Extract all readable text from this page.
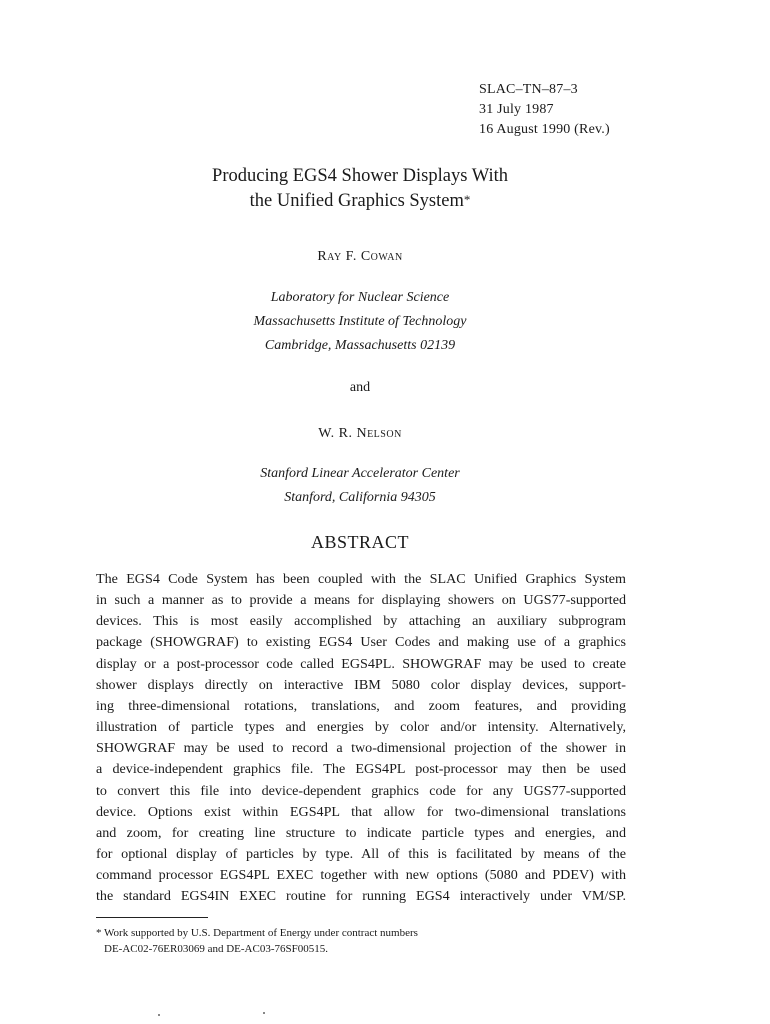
SLAC–TN–87–3
31 July 1987
16 August 1990 (Rev.)
Producing EGS4 Shower Displays With
the Unified Graphics System*
Ray F. Cowan
Laboratory for Nuclear Science
Massachusetts Institute of Technology
Cambridge, Massachusetts 02139
and
W. R. Nelson
Stanford Linear Accelerator Center
Stanford, California 94305
ABSTRACT
The EGS4 Code System has been coupled with the SLAC Unified Graphics System
in such a manner as to provide a means for displaying showers on UGS77-supported
devices. This is most easily accomplished by attaching an auxiliary subprogram
package (SHOWGRAF) to existing EGS4 User Codes and making use of a graphics
display or a post-processor code called EGS4PL. SHOWGRAF may be used to create
shower displays directly on interactive IBM 5080 color display devices, support-
ing three-dimensional rotations, translations, and zoom features, and providing
illustration of particle types and energies by color and/or intensity. Alternatively,
SHOWGRAF may be used to record a two-dimensional projection of the shower in
a device-independent graphics file. The EGS4PL post-processor may then be used
to convert this file into device-dependent graphics code for any UGS77-supported
device. Options exist within EGS4PL that allow for two-dimensional translations
and zoom, for creating line structure to indicate particle types and energies, and
for optional display of particles by type. All of this is facilitated by means of the
command processor EGS4PL EXEC together with new options (5080 and PDEV) with
the standard EGS4IN EXEC routine for running EGS4 interactively under VM/SP.
* Work supported by U.S. Department of Energy under contract numbers
DE-AC02-76ER03069 and DE-AC03-76SF00515.
